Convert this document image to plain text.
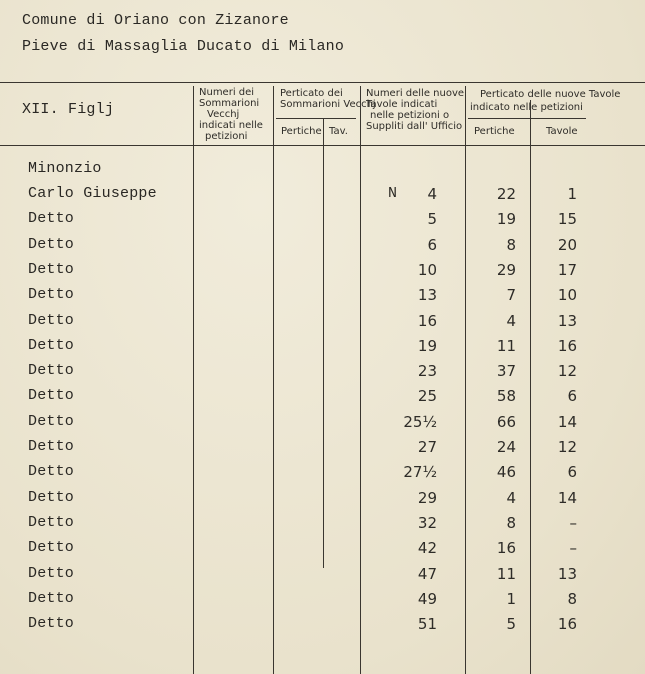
Comune di Oriano con Zizanore
Pieve di Massaglia Ducato di Milano
XII. Figlj
Numeri dei
Sommarioni
Vecchj
indicati nelle
petizioni
Perticato dei
Sommarioni Vecchj
Pertiche Tav.
Numeri delle nuove
Tavole indicati
nelle petizioni o
Suppliti dall' Ufficio
Perticato delle nuove Tavole
indicato nelle petizioni
Pertiche	Tavole
Minonzio
N
Carlo Giuseppe	4	22	1
Detto	5	19	15
Detto	6	8	20
Detto	10	29	17
Detto	13	7	10
Detto	16	4	13
Detto	19	11	16
Detto	23	37	12
Detto	25	58	6
Detto	25½	66	14
Detto	27	24	12
Detto	27½	46	6
Detto	29	4	14
Detto	32	8	–
Detto	42	16	–
Detto	47	11	13
Detto	49	1	8
Detto	51	5	16
